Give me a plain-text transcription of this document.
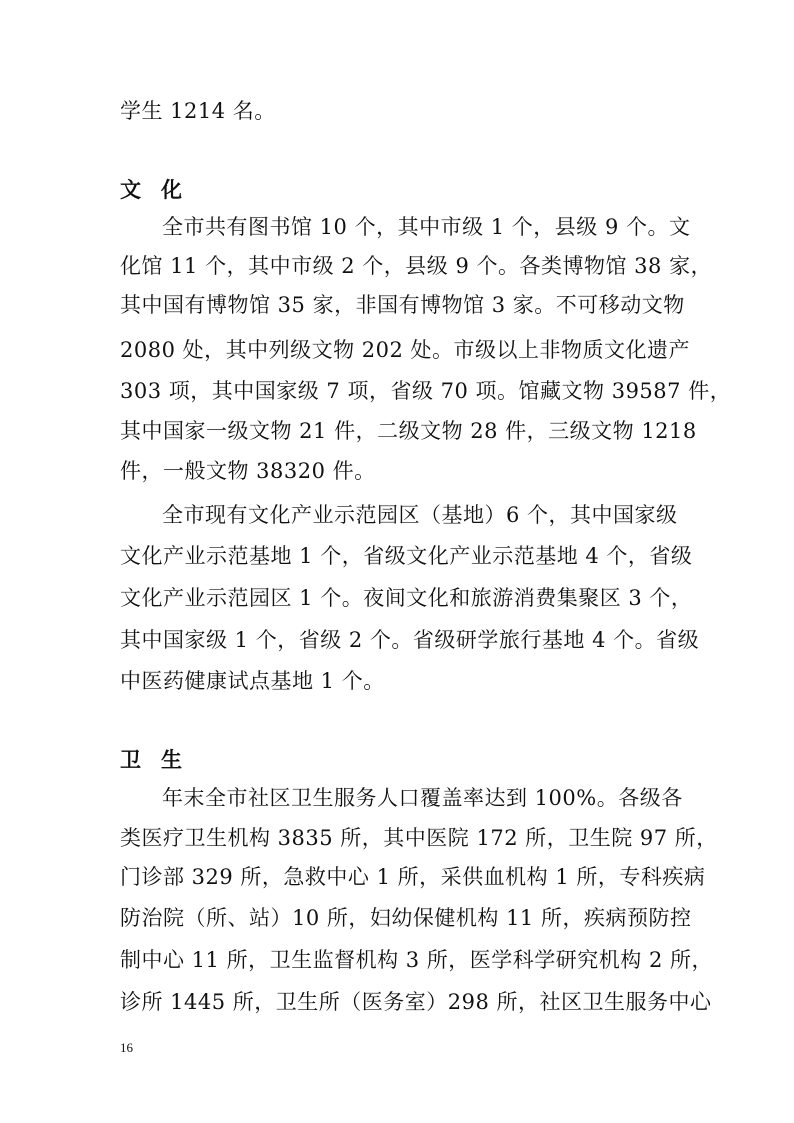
学生 1214 名。
文化
全市共有图书馆 10 个，其中市级 1 个，县级 9 个。文
化馆 11 个，其中市级 2 个，县级 9 个。各类博物馆 38 家，
其中国有博物馆 35 家，非国有博物馆 3 家。不可移动文物
2080 处，其中列级文物 202 处。市级以上非物质文化遗产
303 项，其中国家级 7 项，省级 70 项。馆藏文物 39587 件，
其中国家一级文物 21 件，二级文物 28 件，三级文物 1218
件，一般文物 38320 件。
全市现有文化产业示范园区（基地）6 个，其中国家级
文化产业示范基地 1 个，省级文化产业示范基地 4 个，省级
文化产业示范园区 1 个。夜间文化和旅游消费集聚区 3 个，
其中国家级 1 个，省级 2 个。省级研学旅行基地 4 个。省级
中医药健康试点基地 1 个。
卫生
年末全市社区卫生服务人口覆盖率达到 100%。各级各
类医疗卫生机构 3835 所，其中医院 172 所，卫生院 97 所，
门诊部 329 所，急救中心 1 所，采供血机构 1 所，专科疾病
防治院（所、站）10 所，妇幼保健机构 11 所，疾病预防控
制中心 11 所，卫生监督机构 3 所，医学科学研究机构 2 所，
诊所 1445 所，卫生所（医务室）298 所，社区卫生服务中心
16
